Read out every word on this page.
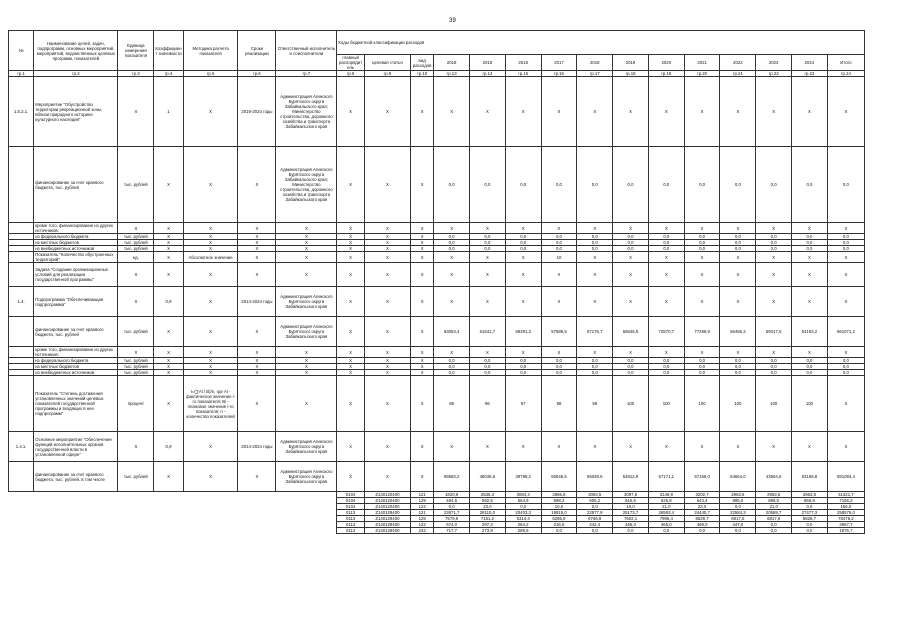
39
№	Наименование целей, задач, подпрограмм, основных мероприятий, мероприятий, ведомственных целевых программ, показателей	Единица измерения показателя	Коэффициент значимости	Методика расчета показателя	Сроки реализации	Ответственный исполнитель и соисполнители	Коды бюджетной классификации расходов														
							главный распорядитель	целевая статья	вид расходов	2018	2019	2016	2017	2018	2019	2020	2021	2022	2023	2024	Итого
гр.1	гр.2	гр.3	гр.4	гр.5	гр.6	гр.7	гр.8	гр.9	гр.10	гр.13	гр.14	гр.15	гр.16	гр.17	гр.18	гр.19	гр.20	гр.21	гр.22	гр.23	гр.24
1.5.2.1.	Мероприятие "Обустройство территории рекреационной зоны, вблизи природного историко-культурного наследия"	X	1	X	2019-2024 годы	Администрация Агинского Бурятского округа Забайкальского края; Министерство строительства, дорожного хозяйства и транспорта Забайкальского края	X	X	X	X	X	X	X	X	X	X	X	X	X	X	X
	финансирование за счет краевого бюджета, тыс. рублей	тыс. рублей	X	X	X	Администрация Агинского Бурятского округа Забайкальского края; Министерство строительства, дорожного хозяйства и транспорта Забайкальского края	X	X	X	0,0	0,0	0,0	0,0	0,0	0,0	0,0	0,0	0,0	0,0	0,0	0,0
	кроме того, финансирование из других источников:	X	X	X	X	X	X	X	X	X	X	X	X	X	X	X	X	X	X	X	X
	из федерального бюджета	тыс. рублей	X	X	X	X	X	X	X	0,0	0,0	0,0	0,0	0,0	0,0	0,0	0,0	0,0	0,0	0,0	0,0
	из местных бюджетов	тыс. рублей	X	X	X	X	X	X	X	0,0	0,0	0,0	0,0	0,0	0,0	0,0	0,0	0,0	0,0	0,0	0,0
	из внебюджетных источников	тыс. рублей	X	X	X	X	X	X	X	0,0	0,0	0,0	0,0	0,0	0,0	0,0	0,0	0,0	0,0	0,0	0,0
	Показатель "Количество обустроенных территорий"	ед.	X	Абсолютное значение	X	X	X	X	X	X	X	X	10	X	X	X	X	X	X	X	X
	Задача "Создание организационных условий для реализации государственной программы"	X	X	X	X	X	X	X	X	X	X	X	X	X	X	X	X	X	X	X	X
1.4.	Подпрограмма "Обеспечивающая подпрограмма"	X	0,9	X	2014-2024 годы	Администрация Агинского Бурятского округа Забайкальского края	X	X	X	X	X	X	X	X	X	X	X	X	X	X	X
	финансирование за счет краевого бюджета, тыс. рублей	тыс. рублей	X	X	X	Администрация Агинского Бурятского округа Забайкальского края	X	X	X	63053,4	61541,7	59391,3	57589,5	67176,7	66645,5	72870,7	77299,9	66465,3	59317,0	54183,2	661071,2
	кроме того, финансирование из других источников:	X	X	X	X	X	X	X	X	X	X	X	X	X	X	X	X	X	X	X	X
	из федерального бюджета	тыс. рублей	X	X	X	X	X	X	X	0,0	0,0	0,0	0,0	0,0	0,0	0,0	0,0	0,0	0,0	0,0	0,0
	из местных бюджетов	тыс. рублей	X	X	X	X	X	X	X	0,0	0,0	0,0	0,0	0,0	0,0	0,0	0,0	0,0	0,0	0,0	0,0
	из внебюджетных источников	тыс. рублей	X	X	X	X	X	X	X	0,0	0,0	0,0	0,0	0,0	0,0	0,0	0,0	0,0	0,0	0,0	0,0
	Показатель "Степень достижения установленных значений целевых показателей государственной программы и входящих в нее подпрограмм"	процент	X	I=(∑Al / B)/n, где Al - фактическое значение i-го показателя; Bi - плановое значение i-го показателя; n - количество показателей	X	X	X	X	X	95	96	97	98	99	100	100	100	100	100	100	X
1.4.1.	Основное мероприятие "Обеспечение функций исполнительных органов государственной власти в установленной сфере"	X	0,9	X	2014-2024 годы	Администрация Агинского Бурятского округа Забайкальского края	X	X	X	X	X	X	X	X	X	X	X	X	X	X	X
	финансирование за счет краевого бюджета, тыс. рублей, в том числе	тыс. рублей	X	X	X	Администрация Агинского Бурятского округа Забайкальского края	X	X	X	99583,2	48048,6	39798,2	60645,5	55048,6	54812,9	57171,1	57159,0	54664,0	43504,6	53168,8	581094,4
							0104	Z140120400	121	1820,9	2535,3	3084,4	2866,8	3084,5	3097,5	3149,9	3202,7	2963,6	2963,6	2863,6	31321,7
							0104	Z140120400	129	494,5	592,5	564,9	598,2	605,2	615,6	626,8	643,4	895,0	895,0	866,9	7166,2
							0104	Z140120400	122	0,0	23,0	0,0	10,0	0,0	10,0	21,0	23,0	0,0	21,0	0,0	156,0
							0113	Z140129400	121	23671,7	28110,0	20403,3	19915,0	22977,9	25173,7	26593,4	24440,7	22584,3	20589,7	27477,3	258576,0
							0113	Z140129400	129	7579,9	7151,2	5314,4	6285,8	6766,8	7602,1	7996,4	8529,7	6817,6	6817,6	5828,7	78478,2
							0113	Z140129400	122	674,0	297,3	284,2	216,5	242,4	455,3	465,0	469,0	447,0	0,0	0,0	3967,7
							0113	Z140129400	242	717,7	273,8	285,5	0,0	0,0	0,0	0,0	0,0	0,0	0,0	0,0	1976,7
